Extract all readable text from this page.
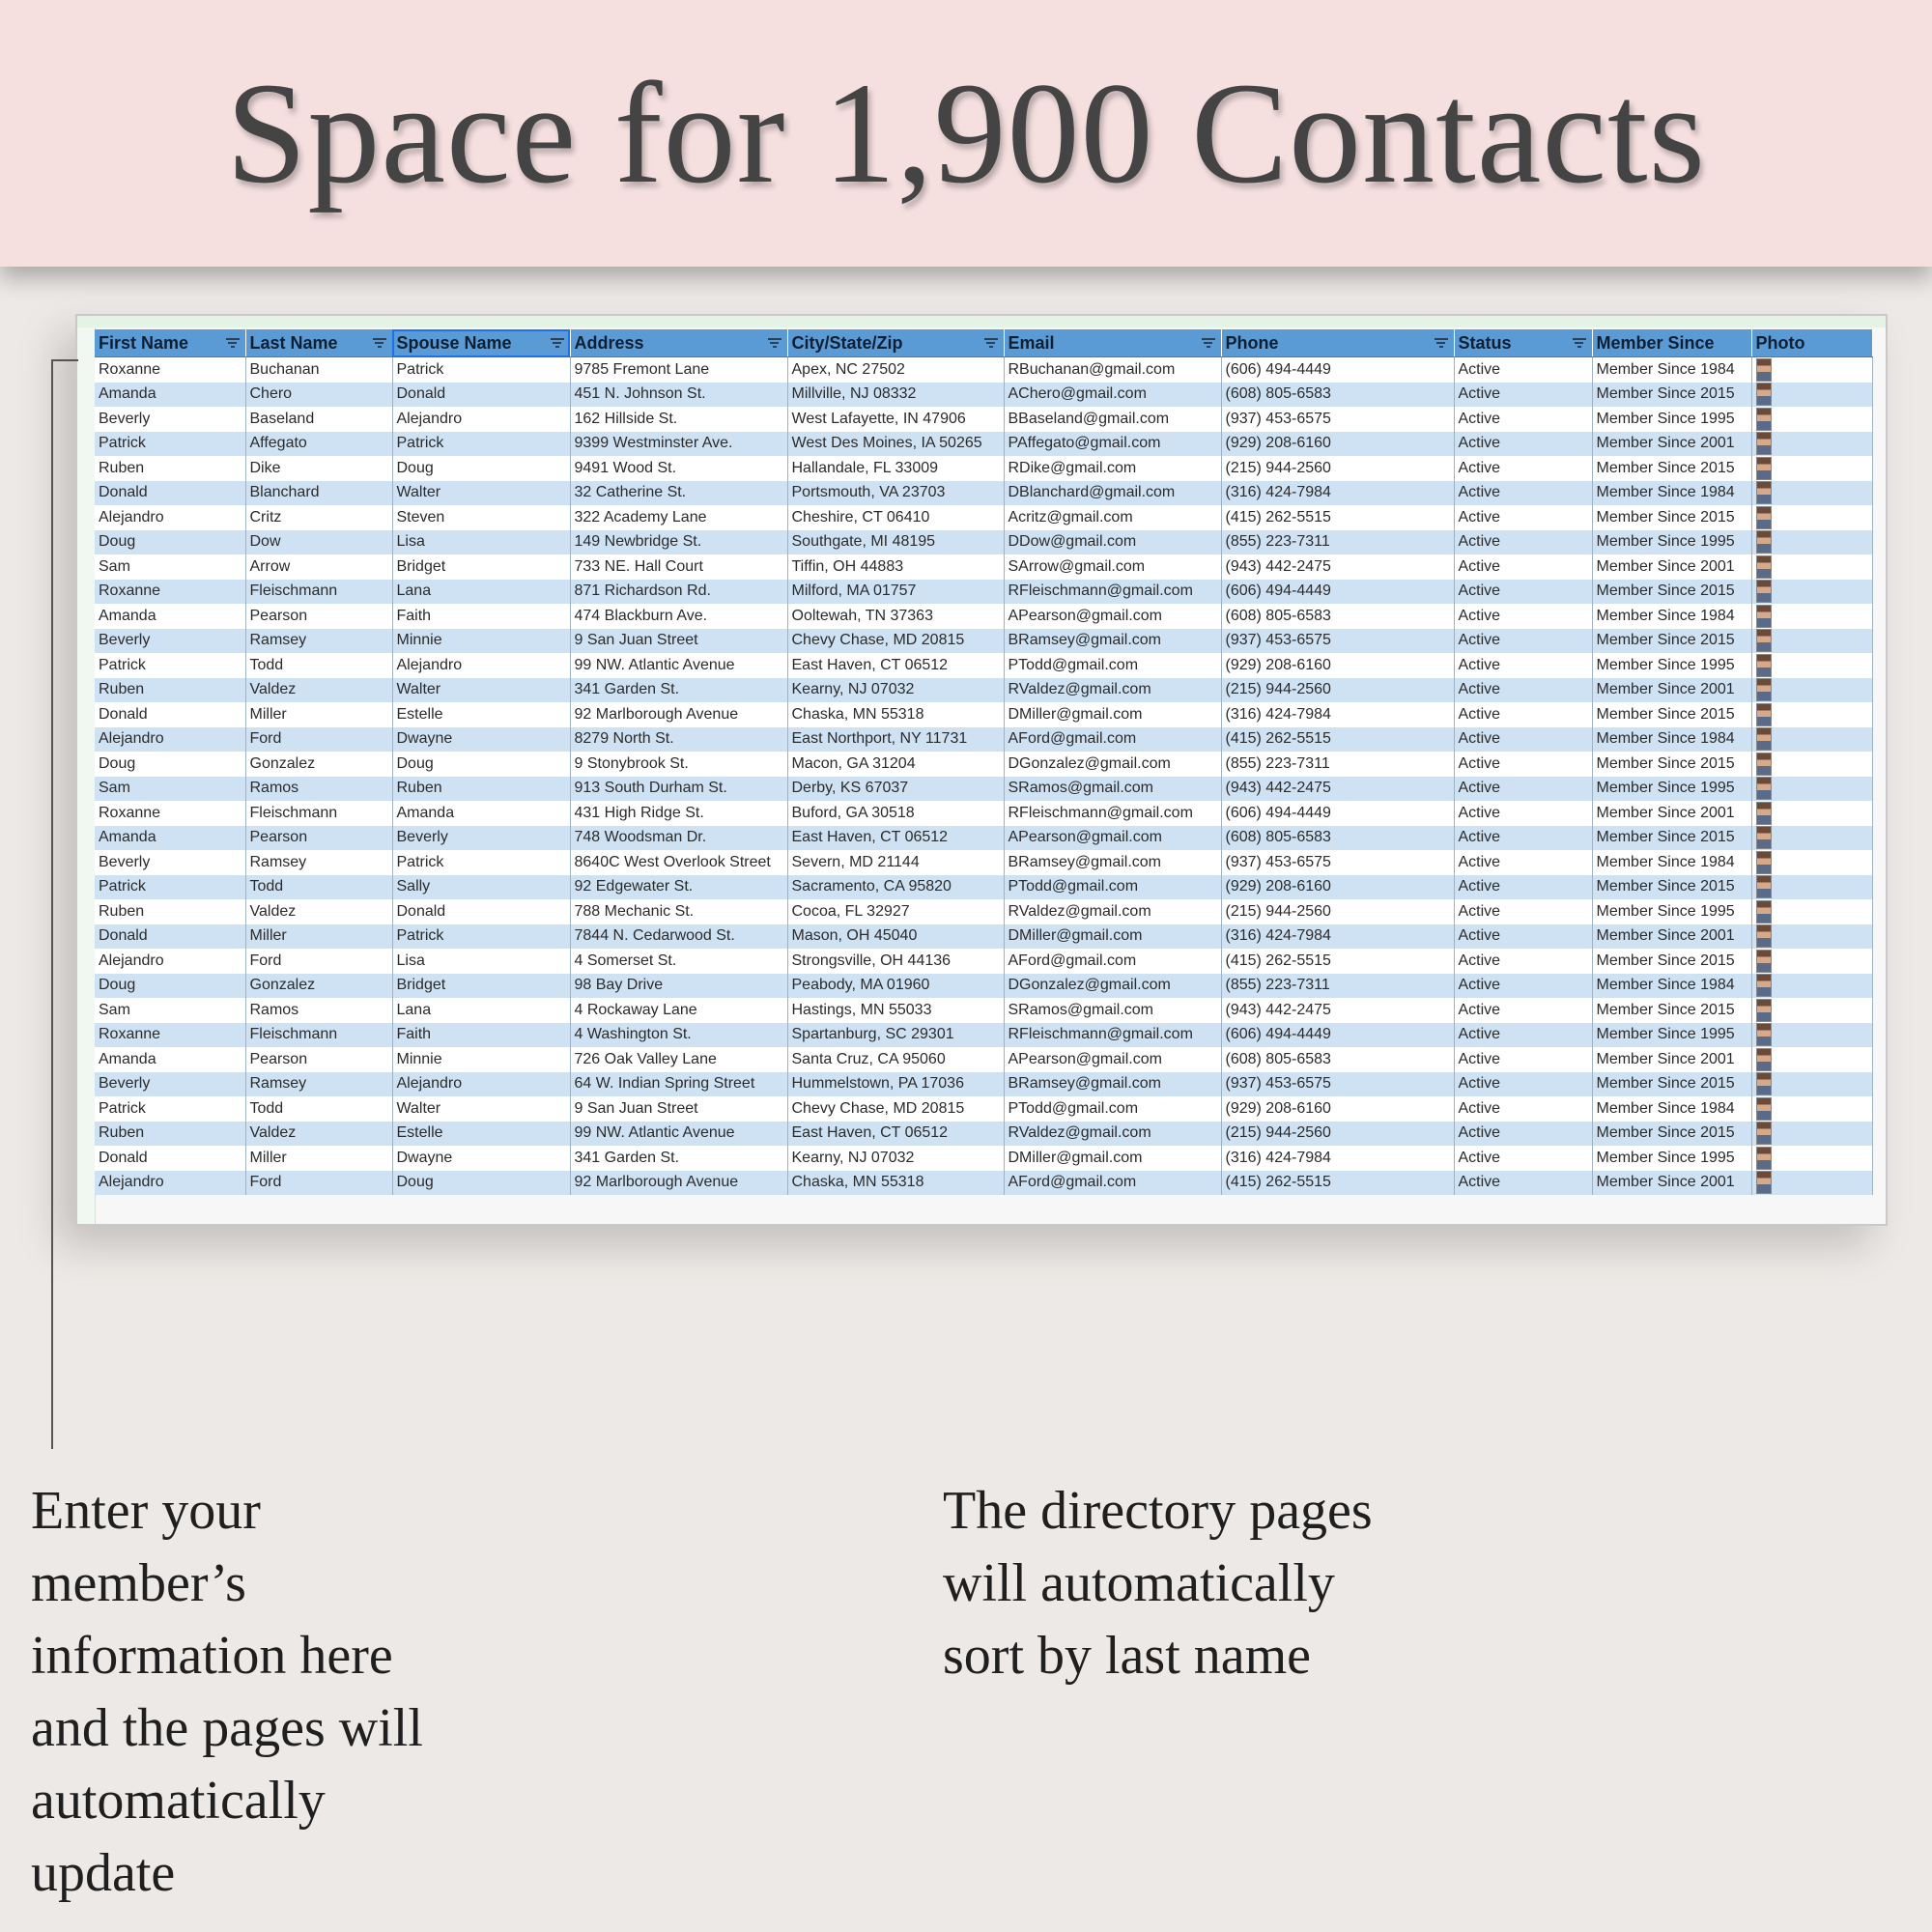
Space for 1,900 Contacts
First Name	Last Name	Spouse Name	Address	City/State/Zip	Email	Phone	Status	Member Since	Photo
Roxanne	Buchanan	Patrick	9785 Fremont Lane	Apex, NC 27502	RBuchanan@gmail.com	(606) 494-4449	Active	Member Since 1984	
Amanda	Chero	Donald	451 N. Johnson St.	Millville, NJ 08332	AChero@gmail.com	(608) 805-6583	Active	Member Since 2015	
Beverly	Baseland	Alejandro	162 Hillside St.	West Lafayette, IN 47906	BBaseland@gmail.com	(937) 453-6575	Active	Member Since 1995	
Patrick	Affegato	Patrick	9399 Westminster Ave.	West Des Moines, IA 50265	PAffegato@gmail.com	(929) 208-6160	Active	Member Since 2001	
Ruben	Dike	Doug	9491 Wood St.	Hallandale, FL 33009	RDike@gmail.com	(215) 944-2560	Active	Member Since 2015	
Donald	Blanchard	Walter	32 Catherine St.	Portsmouth, VA 23703	DBlanchard@gmail.com	(316) 424-7984	Active	Member Since 1984	
Alejandro	Critz	Steven	322 Academy Lane	Cheshire, CT 06410	Acritz@gmail.com	(415) 262-5515	Active	Member Since 2015	
Doug	Dow	Lisa	149 Newbridge St.	Southgate, MI 48195	DDow@gmail.com	(855) 223-7311	Active	Member Since 1995	
Sam	Arrow	Bridget	733 NE. Hall Court	Tiffin, OH 44883	SArrow@gmail.com	(943) 442-2475	Active	Member Since 2001	
Roxanne	Fleischmann	Lana	871 Richardson Rd.	Milford, MA 01757	RFleischmann@gmail.com	(606) 494-4449	Active	Member Since 2015	
Amanda	Pearson	Faith	474 Blackburn Ave.	Ooltewah, TN 37363	APearson@gmail.com	(608) 805-6583	Active	Member Since 1984	
Beverly	Ramsey	Minnie	9 San Juan Street	Chevy Chase, MD 20815	BRamsey@gmail.com	(937) 453-6575	Active	Member Since 2015	
Patrick	Todd	Alejandro	99 NW. Atlantic Avenue	East Haven, CT 06512	PTodd@gmail.com	(929) 208-6160	Active	Member Since 1995	
Ruben	Valdez	Walter	341 Garden St.	Kearny, NJ 07032	RValdez@gmail.com	(215) 944-2560	Active	Member Since 2001	
Donald	Miller	Estelle	92 Marlborough Avenue	Chaska, MN 55318	DMiller@gmail.com	(316) 424-7984	Active	Member Since 2015	
Alejandro	Ford	Dwayne	8279 North St.	East Northport, NY 11731	AFord@gmail.com	(415) 262-5515	Active	Member Since 1984	
Doug	Gonzalez	Doug	9 Stonybrook St.	Macon, GA 31204	DGonzalez@gmail.com	(855) 223-7311	Active	Member Since 2015	
Sam	Ramos	Ruben	913 South Durham St.	Derby, KS 67037	SRamos@gmail.com	(943) 442-2475	Active	Member Since 1995	
Roxanne	Fleischmann	Amanda	431 High Ridge St.	Buford, GA 30518	RFleischmann@gmail.com	(606) 494-4449	Active	Member Since 2001	
Amanda	Pearson	Beverly	748 Woodsman Dr.	East Haven, CT 06512	APearson@gmail.com	(608) 805-6583	Active	Member Since 2015	
Beverly	Ramsey	Patrick	8640C West Overlook Street	Severn, MD 21144	BRamsey@gmail.com	(937) 453-6575	Active	Member Since 1984	
Patrick	Todd	Sally	92 Edgewater St.	Sacramento, CA 95820	PTodd@gmail.com	(929) 208-6160	Active	Member Since 2015	
Ruben	Valdez	Donald	788 Mechanic St.	Cocoa, FL 32927	RValdez@gmail.com	(215) 944-2560	Active	Member Since 1995	
Donald	Miller	Patrick	7844 N. Cedarwood St.	Mason, OH 45040	DMiller@gmail.com	(316) 424-7984	Active	Member Since 2001	
Alejandro	Ford	Lisa	4 Somerset St.	Strongsville, OH 44136	AFord@gmail.com	(415) 262-5515	Active	Member Since 2015	
Doug	Gonzalez	Bridget	98 Bay Drive	Peabody, MA 01960	DGonzalez@gmail.com	(855) 223-7311	Active	Member Since 1984	
Sam	Ramos	Lana	4 Rockaway Lane	Hastings, MN 55033	SRamos@gmail.com	(943) 442-2475	Active	Member Since 2015	
Roxanne	Fleischmann	Faith	4 Washington St.	Spartanburg, SC 29301	RFleischmann@gmail.com	(606) 494-4449	Active	Member Since 1995	
Amanda	Pearson	Minnie	726 Oak Valley Lane	Santa Cruz, CA 95060	APearson@gmail.com	(608) 805-6583	Active	Member Since 2001	
Beverly	Ramsey	Alejandro	64 W. Indian Spring Street	Hummelstown, PA 17036	BRamsey@gmail.com	(937) 453-6575	Active	Member Since 2015	
Patrick	Todd	Walter	9 San Juan Street	Chevy Chase, MD 20815	PTodd@gmail.com	(929) 208-6160	Active	Member Since 1984	
Ruben	Valdez	Estelle	99 NW. Atlantic Avenue	East Haven, CT 06512	RValdez@gmail.com	(215) 944-2560	Active	Member Since 2015	
Donald	Miller	Dwayne	341 Garden St.	Kearny, NJ 07032	DMiller@gmail.com	(316) 424-7984	Active	Member Since 1995	
Alejandro	Ford	Doug	92 Marlborough Avenue	Chaska, MN 55318	AFord@gmail.com	(415) 262-5515	Active	Member Since 2001	
Enter your
member’s
information here
and the pages will
automatically
update
The directory pages
will automatically
sort by last name
